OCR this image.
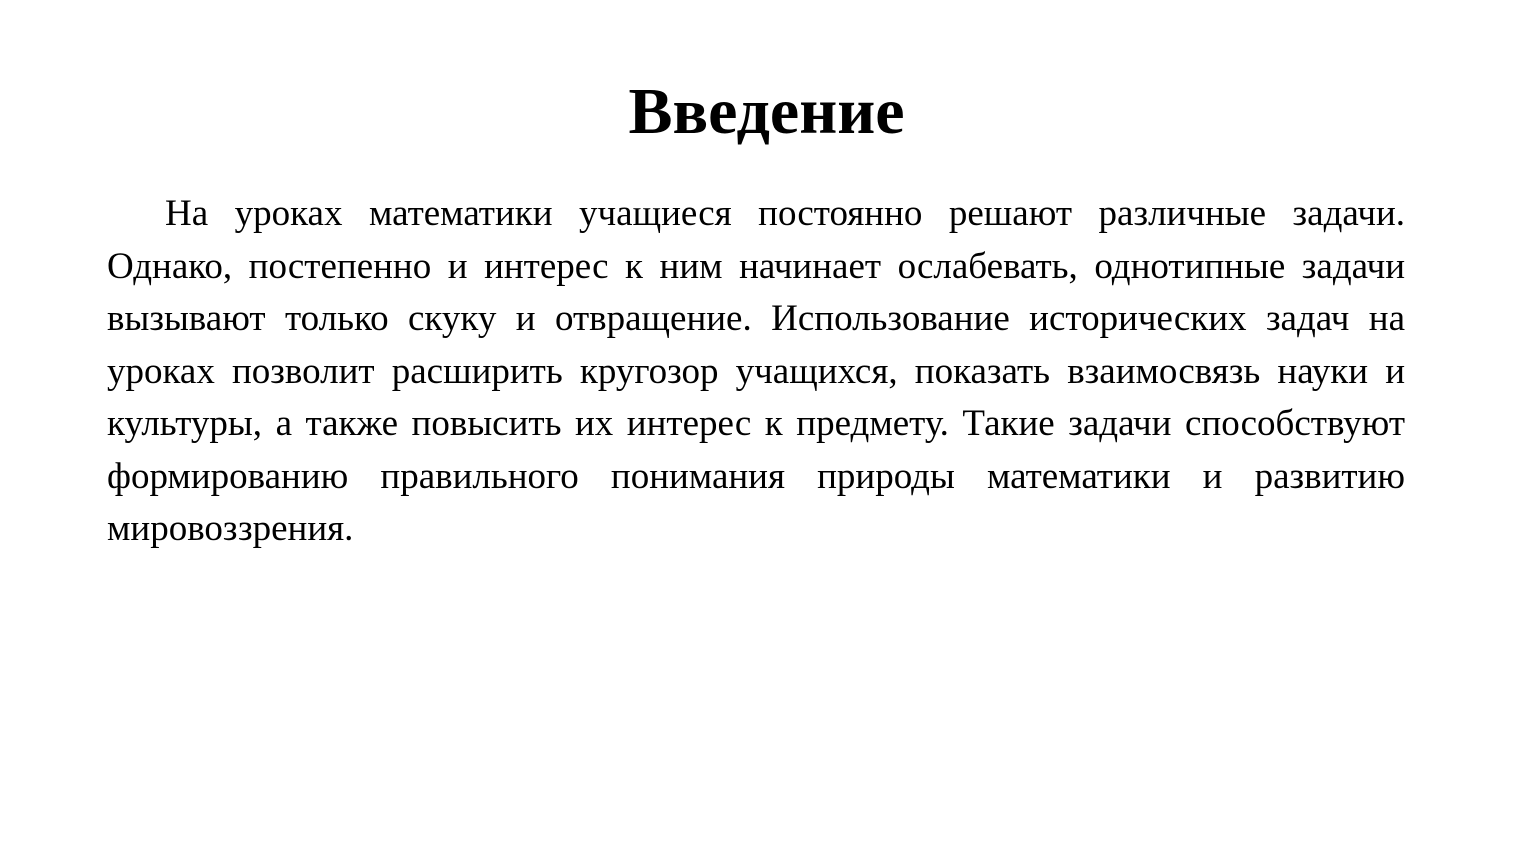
Введение

На уроках математики учащиеся постоянно решают различные задачи. Однако, постепенно и интерес к ним начинает ослабевать, однотипные задачи вызывают только скуку и отвращение. Использование исторических задач на уроках позволит расширить кругозор учащихся, показать взаимосвязь науки и культуры, а также повысить их интерес к предмету. Такие задачи способствуют формированию правильного понимания природы математики и развитию мировоззрения.
